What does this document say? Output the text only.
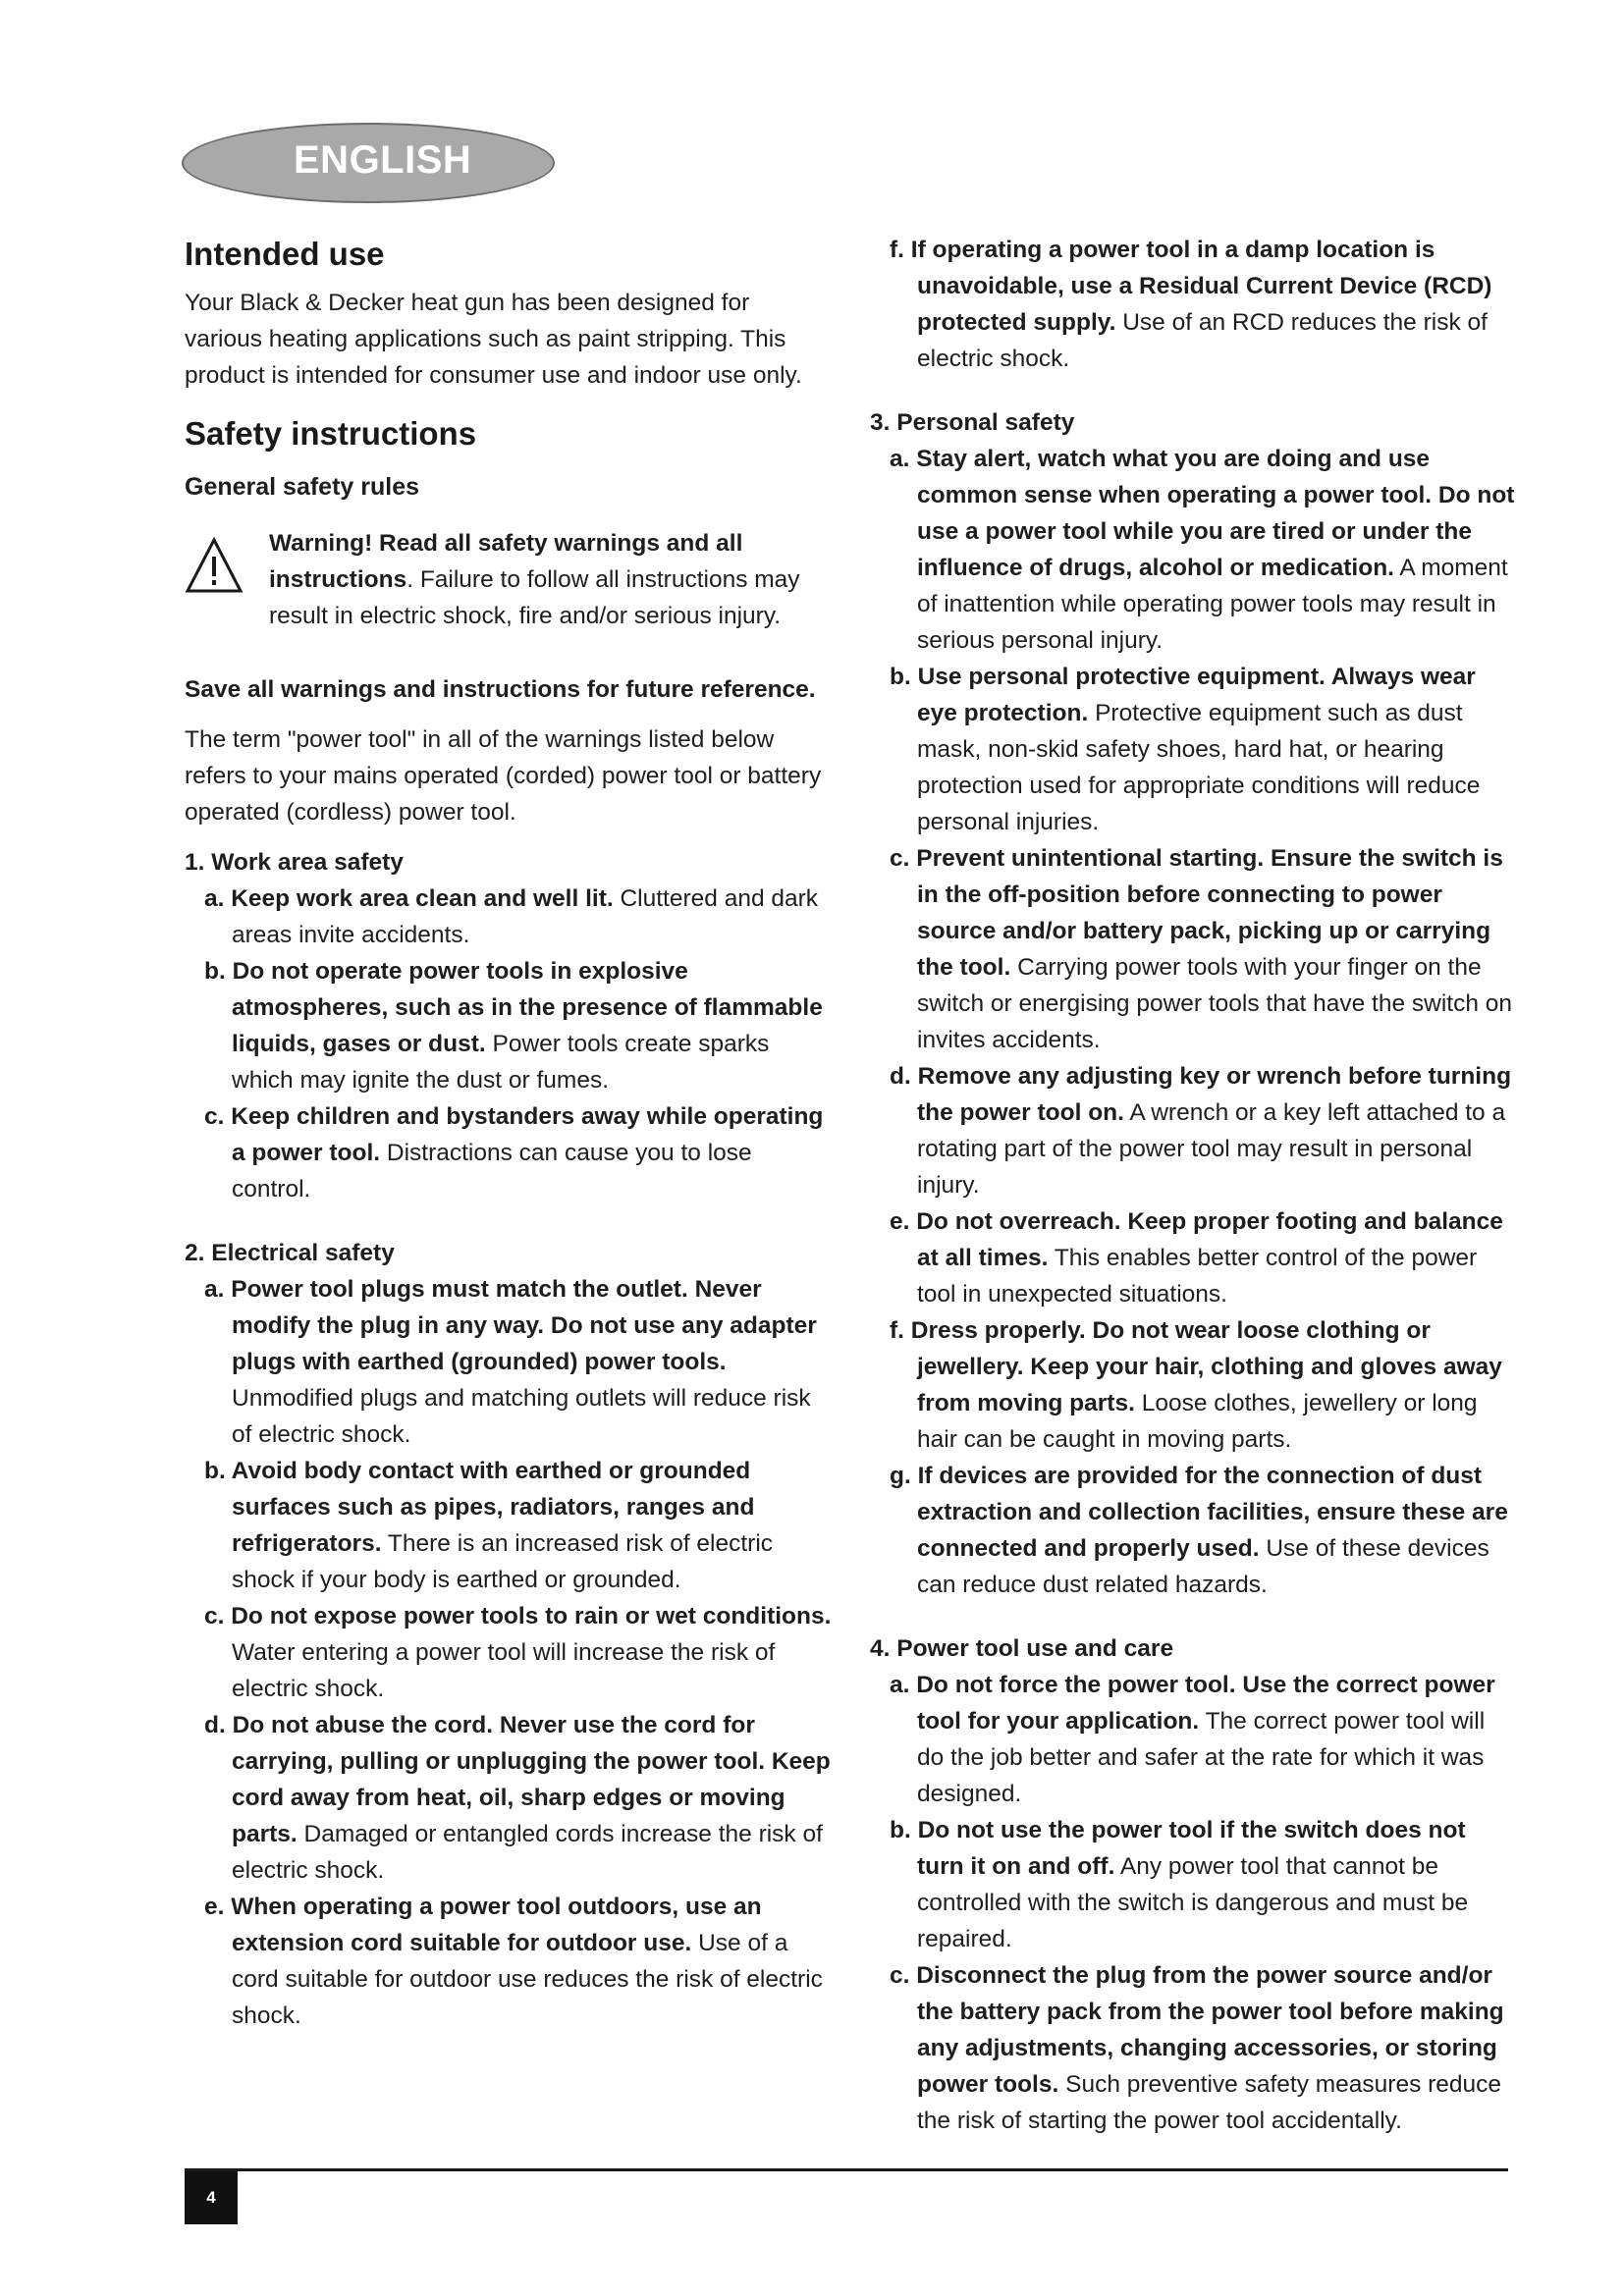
ENGLISH
Intended use

Your Black & Decker heat gun has been designed for various heating applications such as paint stripping. This product is intended for consumer use and indoor use only.

Safety instructions
General safety rules

Warning! Read all safety warnings and all instructions. Failure to follow all instructions may result in electric shock, fire and/or serious injury.

Save all warnings and instructions for future reference.

The term "power tool" in all of the warnings listed below refers to your mains operated (corded) power tool or battery operated (cordless) power tool.

1. Work area safety

a. Keep work area clean and well lit. Cluttered and dark areas invite accidents.

b. Do not operate power tools in explosive atmospheres, such as in the presence of flammable liquids, gases or dust. Power tools create sparks which may ignite the dust or fumes.

c. Keep children and bystanders away while operating a power tool. Distractions can cause you to lose control.

2. Electrical safety

a. Power tool plugs must match the outlet. Never modify the plug in any way. Do not use any adapter plugs with earthed (grounded) power tools. Unmodified plugs and matching outlets will reduce risk of electric shock.

b. Avoid body contact with earthed or grounded surfaces such as pipes, radiators, ranges and refrigerators. There is an increased risk of electric shock if your body is earthed or grounded.

c. Do not expose power tools to rain or wet conditions. Water entering a power tool will increase the risk of electric shock.

d. Do not abuse the cord. Never use the cord for carrying, pulling or unplugging the power tool. Keep cord away from heat, oil, sharp edges or moving parts. Damaged or entangled cords increase the risk of electric shock.

e. When operating a power tool outdoors, use an extension cord suitable for outdoor use. Use of a cord suitable for outdoor use reduces the risk of electric shock.

f. If operating a power tool in a damp location is unavoidable, use a Residual Current Device (RCD) protected supply. Use of an RCD reduces the risk of electric shock.

3. Personal safety

a. Stay alert, watch what you are doing and use common sense when operating a power tool. Do not use a power tool while you are tired or under the influence of drugs, alcohol or medication. A moment of inattention while operating power tools may result in serious personal injury.

b. Use personal protective equipment. Always wear eye protection. Protective equipment such as dust mask, non-skid safety shoes, hard hat, or hearing protection used for appropriate conditions will reduce personal injuries.

c. Prevent unintentional starting. Ensure the switch is in the off-position before connecting to power source and/or battery pack, picking up or carrying the tool. Carrying power tools with your finger on the switch or energising power tools that have the switch on invites accidents.

d. Remove any adjusting key or wrench before turning the power tool on. A wrench or a key left attached to a rotating part of the power tool may result in personal injury.

e. Do not overreach. Keep proper footing and balance at all times. This enables better control of the power tool in unexpected situations.

f. Dress properly. Do not wear loose clothing or jewellery. Keep your hair, clothing and gloves away from moving parts. Loose clothes, jewellery or long hair can be caught in moving parts.

g. If devices are provided for the connection of dust extraction and collection facilities, ensure these are connected and properly used. Use of these devices can reduce dust related hazards.

4. Power tool use and care

a. Do not force the power tool. Use the correct power tool for your application. The correct power tool will do the job better and safer at the rate for which it was designed.

b. Do not use the power tool if the switch does not turn it on and off. Any power tool that cannot be controlled with the switch is dangerous and must be repaired.

c. Disconnect the plug from the power source and/or the battery pack from the power tool before making any adjustments, changing accessories, or storing power tools. Such preventive safety measures reduce the risk of starting the power tool accidentally.

4
